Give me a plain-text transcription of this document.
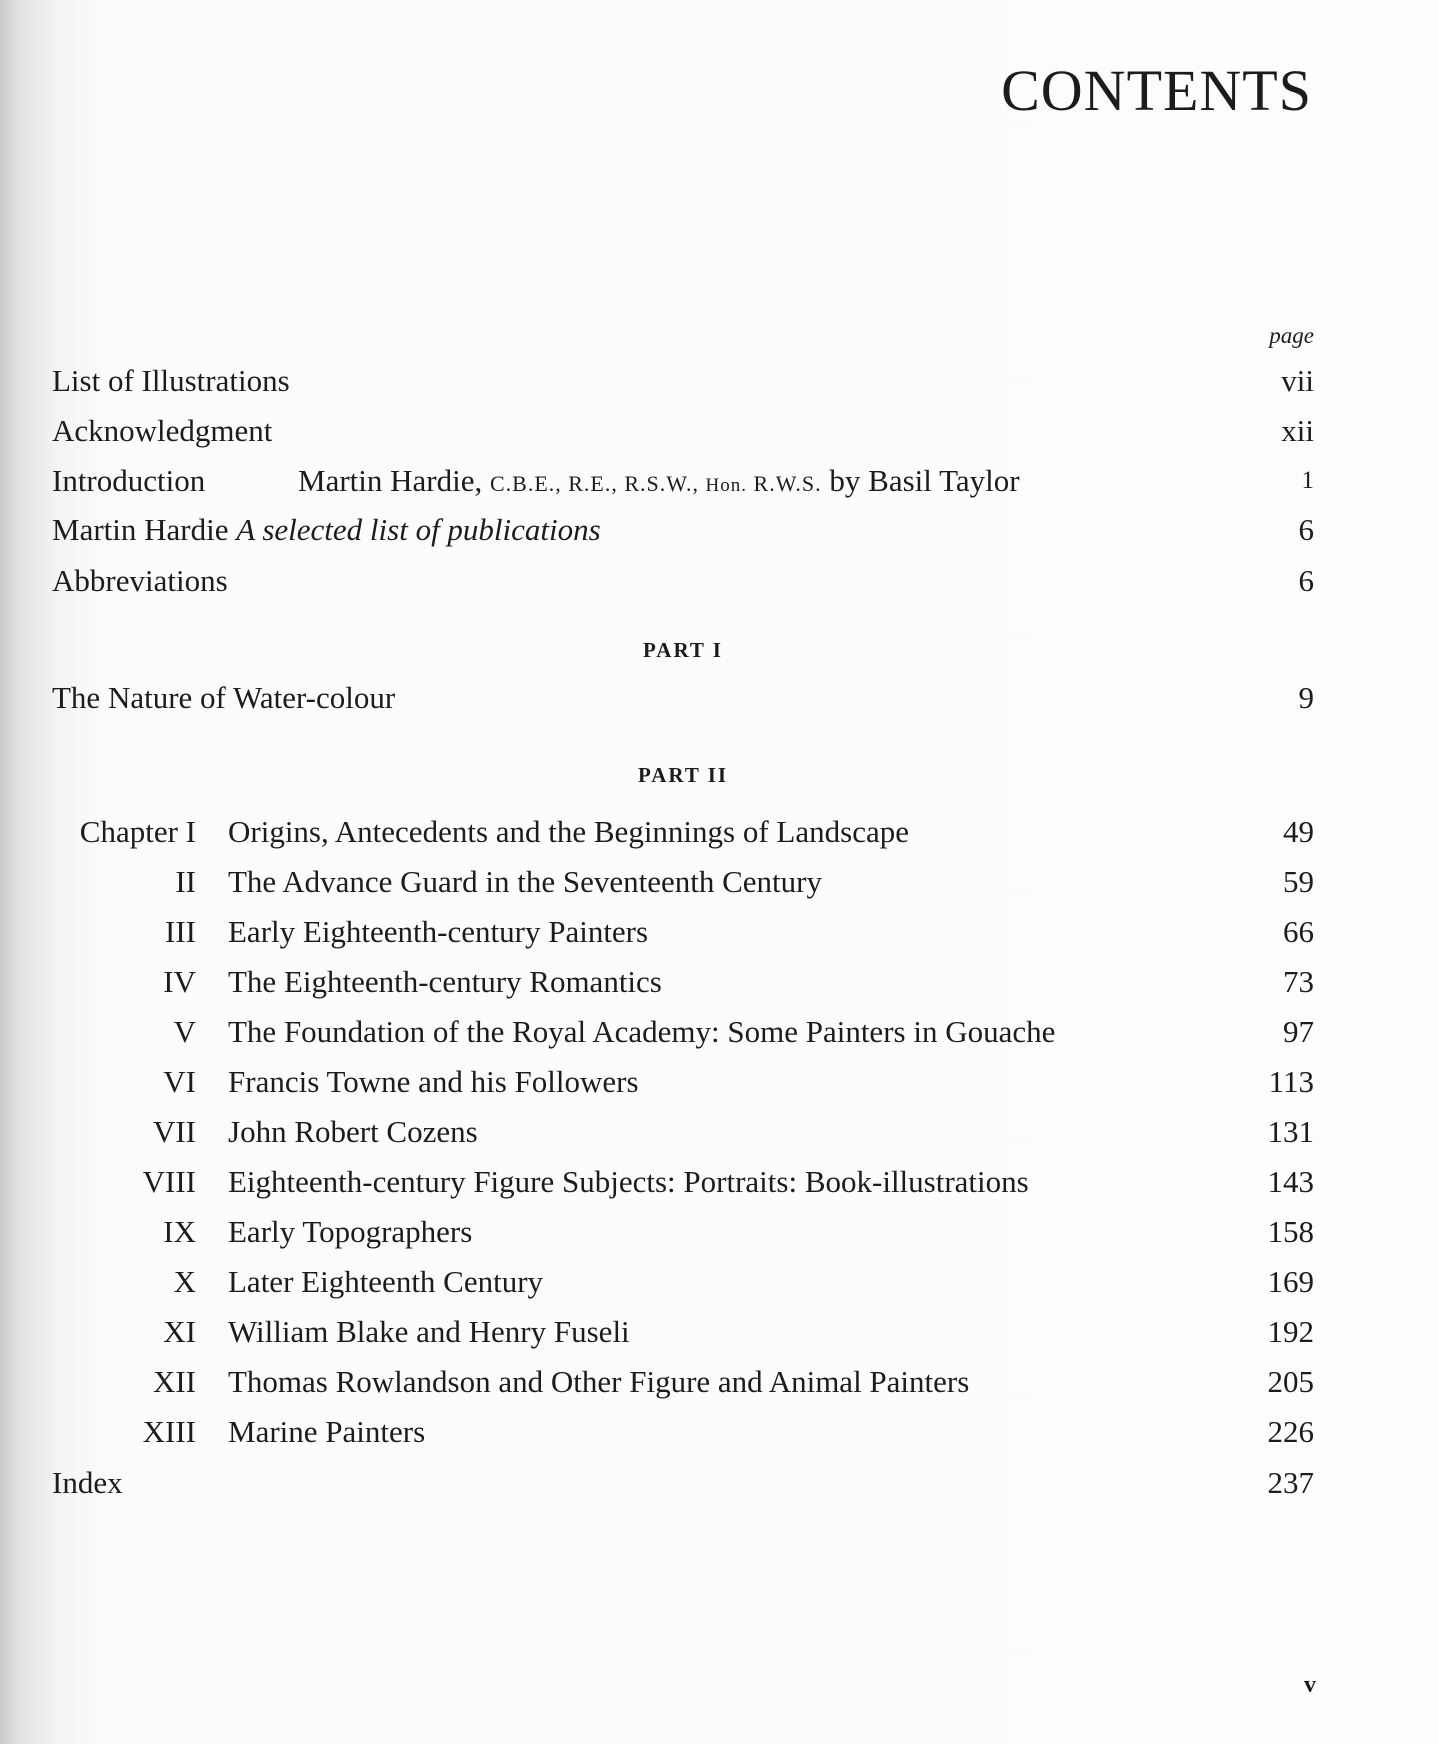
CONTENTS
page
List of Illustrations	vii
Acknowledgment	xii
Introduction	Martin Hardie, C.B.E., R.E., R.S.W., Hon. R.W.S. by Basil Taylor	1
Martin Hardie A selected list of publications	6
Abbreviations	6
PART I
The Nature of Water-colour	9
PART II
Chapter I Origins, Antecedents and the Beginnings of Landscape	49
II The Advance Guard in the Seventeenth Century	59
III Early Eighteenth-century Painters	66
IV The Eighteenth-century Romantics	73
V The Foundation of the Royal Academy: Some Painters in Gouache	97
VI Francis Towne and his Followers	113
VII John Robert Cozens	131
VIII Eighteenth-century Figure Subjects: Portraits: Book-illustrations	143
IX Early Topographers	158
X Later Eighteenth Century	169
XI William Blake and Henry Fuseli	192
XII Thomas Rowlandson and Other Figure and Animal Painters	205
XIII Marine Painters	226
Index	237
v
